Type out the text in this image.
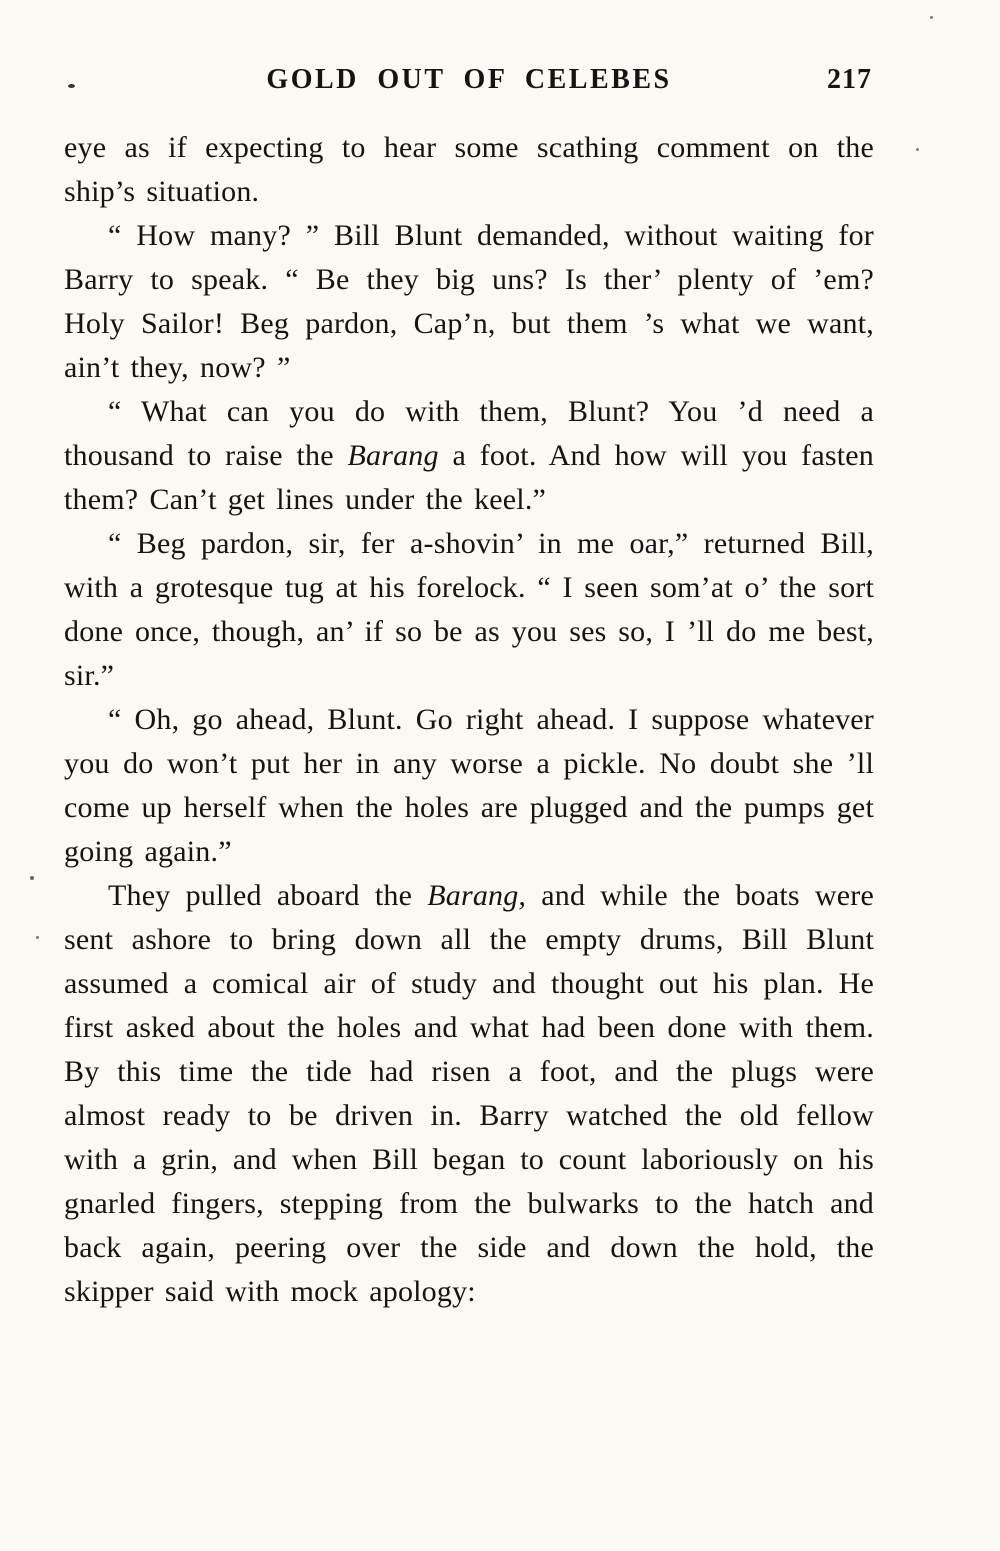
GOLD OUT OF CELEBES	217

eye as if expecting to hear some scathing comment on the ship’s situation.

“ How many? ” Bill Blunt demanded, without waiting for Barry to speak. “ Be they big uns? Is ther’ plenty of ’em? Holy Sailor! Beg pardon, Cap’n, but them ’s what we want, ain’t they, now? ”

“ What can you do with them, Blunt? You ’d need a thousand to raise the Barang a foot. And how will you fasten them? Can’t get lines under the keel.”

“ Beg pardon, sir, fer a-shovin’ in me oar,” returned Bill, with a grotesque tug at his forelock. “ I seen som’at o’ the sort done once, though, an’ if so be as you ses so, I ’ll do me best, sir.”

“ Oh, go ahead, Blunt. Go right ahead. I suppose whatever you do won’t put her in any worse a pickle. No doubt she ’ll come up herself when the holes are plugged and the pumps get going again.”

They pulled aboard the Barang, and while the boats were sent ashore to bring down all the empty drums, Bill Blunt assumed a comical air of study and thought out his plan. He first asked about the holes and what had been done with them. By this time the tide had risen a foot, and the plugs were almost ready to be driven in. Barry watched the old fellow with a grin, and when Bill began to count laboriously on his gnarled fingers, stepping from the bulwarks to the hatch and back again, peering over the side and down the hold, the skipper said with mock apology:
